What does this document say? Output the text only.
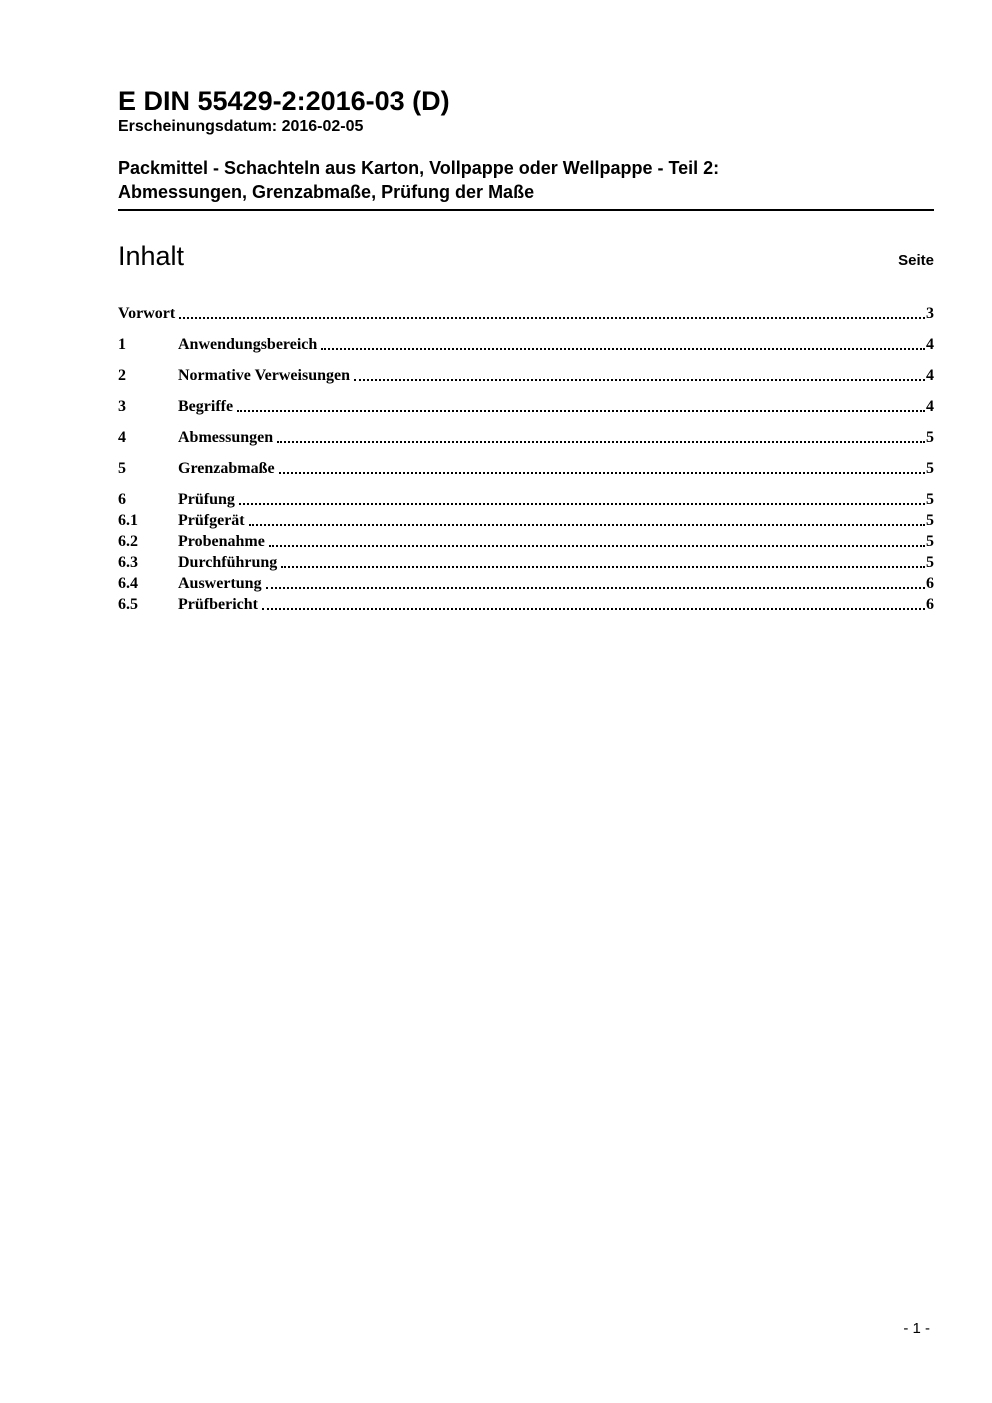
E DIN 55429-2:2016-03 (D)
Erscheinungsdatum: 2016-02-05
Packmittel - Schachteln aus Karton, Vollpappe oder Wellpappe - Teil 2:
Abmessungen, Grenzabmaße, Prüfung der Maße
Inhalt	Seite
Vorwort	3
1	Anwendungsbereich	4
2	Normative Verweisungen	4
3	Begriffe	4
4	Abmessungen	5
5	Grenzabmaße	5
6	Prüfung	5
6.1	Prüfgerät	5
6.2	Probenahme	5
6.3	Durchführung	5
6.4	Auswertung	6
6.5	Prüfbericht	6
- 1 -
